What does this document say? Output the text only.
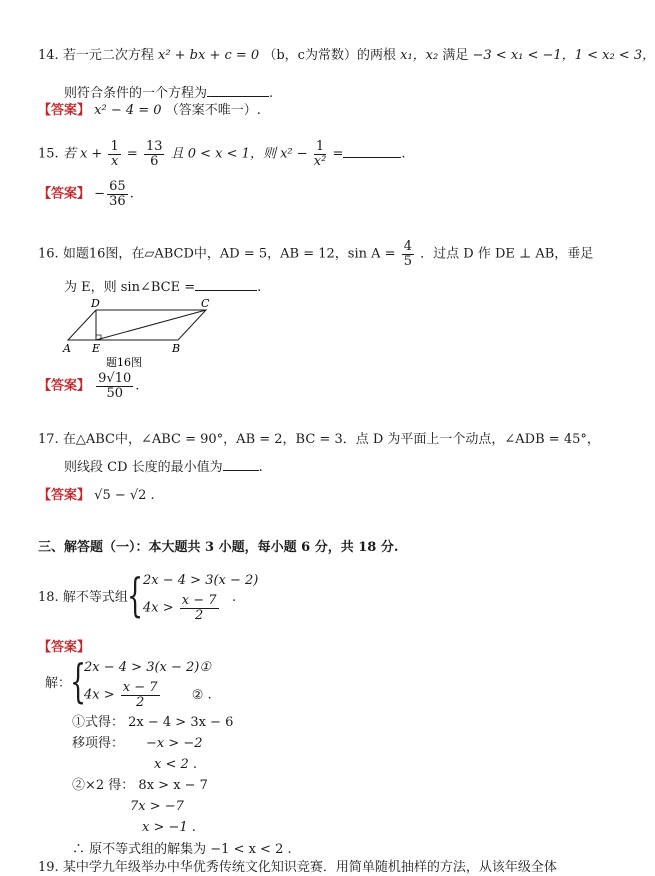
14. 若一元二次方程 x² + bx + c = 0 （b，c为常数）的两根 x₁，x₂ 满足 −3 < x₁ < −1，1 < x₂ < 3，
则符合条件的一个方程为	.
【答案】 x² − 4 = 0 （答案不唯一）.
15. 若 $x + \frac{1}{x} = \frac{13}{6}$ 且 0 < x < 1，则 $x^2 - \frac{1}{\text{x²}}$ =	.
【答案】 − $\frac{65}{36}$ .
16. 如题16图，在▱ABCD中，AD = 5，AB = 12，$\sin A = \frac{4}{5}$ ．过点 D 作 DE ⊥ AB，垂足
为 E，则 sin∠BCE =	.
D	C
A E	B
题16图
【答案】 $\frac{9√10}{50}$ .
17. 在△ABC中，∠ABC = 90°，AB = 2，BC = 3．点 D 为平面上一个动点，∠ADB = 45°，
则线段 CD 长度的最小值为	.
【答案】 √5 − √2 .
三、解答题（一）：本大题共 3 小题，每小题 6 分，共 18 分.
18. 解不等式组 { 2x − 4 > 3(x − 2)
$4x > \frac{x - 7}{2}$ .
【答案】
解：
{
2x − 4 > 3(x − 2)①
$4x > \frac{x - 7}{2}$ ② .
①式得： 2x − 4 > 3x − 6
移项得： −x > −2
x < 2 .
②×2 得： 8x > x − 7
7x > −7
x > −1 .
∴ 原不等式组的解集为 −1 < x < 2 .
19. 某中学九年级举办中华优秀传统文化知识竞赛．用简单随机抽样的方法，从该年级全体
